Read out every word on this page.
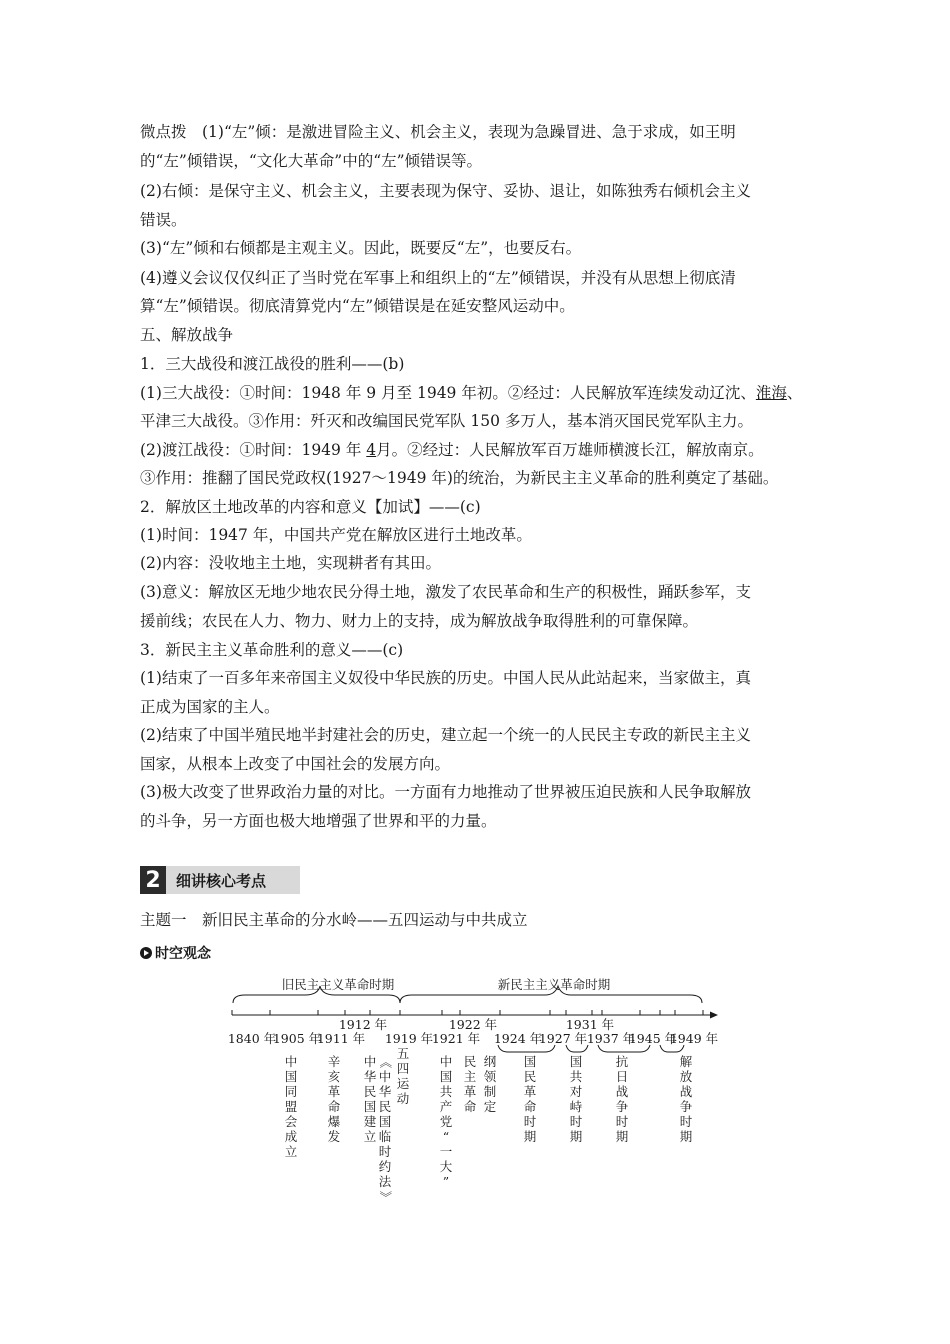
微点拨　(1)“左”倾：是激进冒险主义、机会主义，表现为急躁冒进、急于求成，如王明
的“左”倾错误，“文化大革命”中的“左”倾错误等。
(2)右倾：是保守主义、机会主义，主要表现为保守、妥协、退让，如陈独秀右倾机会主义
错误。
(3)“左”倾和右倾都是主观主义。因此，既要反“左”，也要反右。
(4)遵义会议仅仅纠正了当时党在军事上和组织上的“左”倾错误，并没有从思想上彻底清
算“左”倾错误。彻底清算党内“左”倾错误是在延安整风运动中。
五、解放战争
1．三大战役和渡江战役的胜利——(b)
(1)三大战役：①时间：1948 年 9 月至 1949 年初。②经过：人民解放军连续发动辽沈、淮海、
平津三大战役。③作用：歼灭和改编国民党军队 150 多万人，基本消灭国民党军队主力。
(2)渡江战役：①时间：1949 年 4月。②经过：人民解放军百万雄师横渡长江，解放南京。
③作用：推翻了国民党政权(1927～1949 年)的统治，为新民主主义革命的胜利奠定了基础。
2．解放区土地改革的内容和意义【加试】——(c)
(1)时间：1947 年，中国共产党在解放区进行土地改革。
(2)内容：没收地主土地，实现耕者有其田。
(3)意义：解放区无地少地农民分得土地，激发了农民革命和生产的积极性，踊跃参军，支
援前线；农民在人力、物力、财力上的支持，成为解放战争取得胜利的可靠保障。
3．新民主主义革命胜利的意义——(c)
(1)结束了一百多年来帝国主义奴役中华民族的历史。中国人民从此站起来，当家做主，真
正成为国家的主人。
(2)结束了中国半殖民地半封建社会的历史，建立起一个统一的人民民主专政的新民主主义
国家，从根本上改变了中国社会的发展方向。
(3)极大改变了世界政治力量的对比。一方面有力地推动了世界被压迫民族和人民争取解放
的斗争，另一方面也极大地增强了世界和平的力量。
2	细讲核心考点
主题一　新旧民主革命的分水岭——五四运动与中共成立
时空观念
旧民主主义革命时期	新民主主义革命时期
1912 年	1922 年	1931 年
1840 年
1905 年
1911 年 1919 年
1921 年 1924 年
1927 年 1937 年
1945 年
1949 年
中
国
同
盟
会
成
立
辛
亥
革
命
爆
发
中
华
民
国
建
立
《
中
华
民
国
临
时
约
法
》
五
四
运
动
中
国
共
产
党
“
一
大
”
民
主
革
命
纲
领
制
定
国
民
革
命
时
期
国
共
对
峙
时
期
抗
日
战
争
时
期
解
放
战
争
时
期
